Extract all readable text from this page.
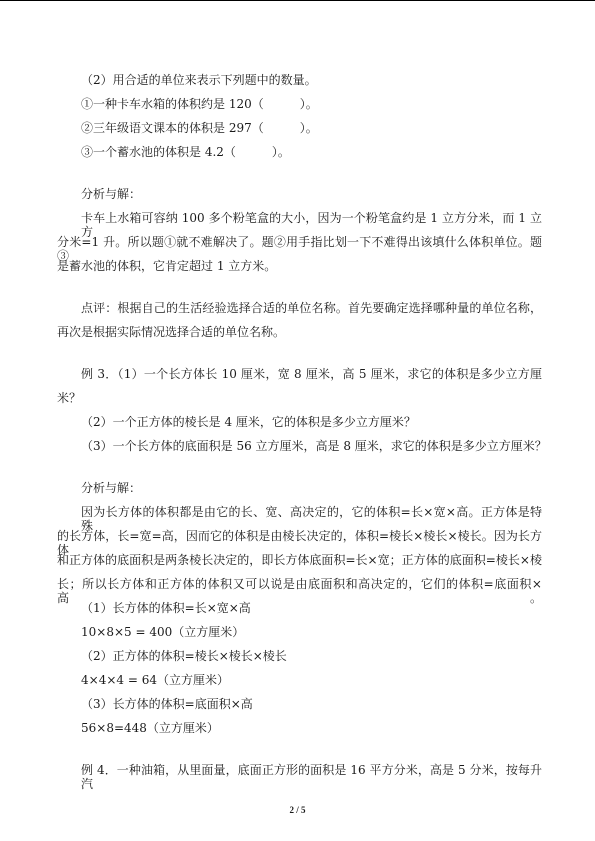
（2）用合适的单位来表示下列题中的数量。
①一种卡车水箱的体积约是 120（　　　）。
②三年级语文课本的体积是 297（　　　）。
③一个蓄水池的体积是 4.2（　　　）。
分析与解：
卡车上水箱可容纳 100 多个粉笔盒的大小，因为一个粉笔盒约是 1 立方分米，而 1 立方
分米=1 升。所以题①就不难解决了。题②用手指比划一下不难得出该填什么体积单位。题③
是蓄水池的体积，它肯定超过 1 立方米。
点评：根据自己的生活经验选择合适的单位名称。首先要确定选择哪种量的单位名称，
再次是根据实际情况选择合适的单位名称。
例 3．（1）一个长方体长 10 厘米，宽 8 厘米，高 5 厘米，求它的体积是多少立方厘
米？
（2）一个正方体的棱长是 4 厘米，它的体积是多少立方厘米？
（3）一个长方体的底面积是 56 立方厘米，高是 8 厘米，求它的体积是多少立方厘米？
分析与解：
因为长方体的体积都是由它的长、宽、高决定的，它的体积=长×宽×高。正方体是特殊
的长方体，长=宽=高，因而它的体积是由棱长决定的，体积=棱长×棱长×棱长。因为长方体
和正方体的底面积是两条棱长决定的，即长方体底面积=长×宽；正方体的底面积=棱长×棱
长；所以长方体和正方体的体积又可以说是由底面积和高决定的，它们的体积=底面积×高。
（1）长方体的体积=长×宽×高
10×8×5 = 400（立方厘米）
（2）正方体的体积=棱长×棱长×棱长
4×4×4 = 64（立方厘米）
（3）长方体的体积=底面积×高
56×8=448（立方厘米）
例 4．一种油箱，从里面量，底面正方形的面积是 16 平方分米，高是 5 分米，按每升汽
2 / 5
